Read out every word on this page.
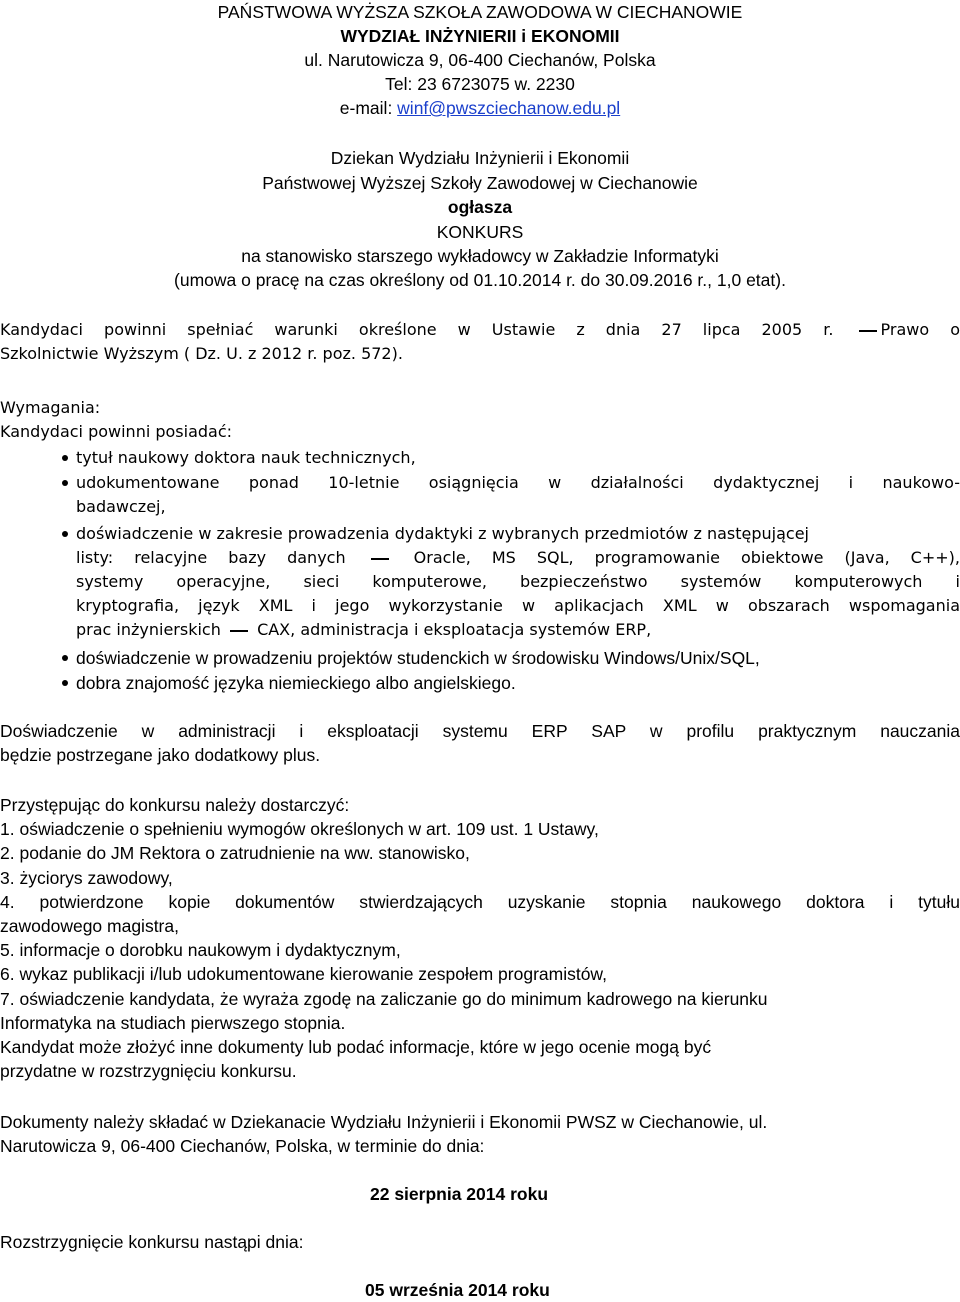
PAŃSTWOWA WYŻSZA SZKOŁA ZAWODOWA W CIECHANOWIE
WYDZIAŁ INŻYNIERII i EKONOMII
ul. Narutowicza 9, 06-400 Ciechanów, Polska
Tel: 23 6723075 w. 2230
e-mail: winf@pwszciechanow.edu.pl
Dziekan Wydziału Inżynierii i Ekonomii
Państwowej Wyższej Szkoły Zawodowej w Ciechanowie
ogłasza
KONKURS
na stanowisko starszego wykładowcy w Zakładzie Informatyki
(umowa o pracę na czas określony od 01.10.2014 r. do 30.09.2016 r., 1,0 etat).
Kandydaci powinni spełniać warunki określone w Ustawie z dnia 27 lipca 2005 r.	Prawo o
Szkolnictwie Wyższym ( Dz. U. z 2012 r. poz. 572).
Wymagania:
Kandydaci powinni posiadać:
tytuł naukowy doktora nauk technicznych,
udokumentowane ponad 10-letnie osiągnięcia w działalności dydaktycznej i naukowo-
badawczej,
doświadczenie w zakresie prowadzenia dydaktyki z wybranych przedmiotów z następującej
listy: relacyjne bazy danych	Oracle, MS SQL, programowanie obiektowe (Java, C++),
systemy operacyjne, sieci komputerowe, bezpieczeństwo systemów komputerowych i
kryptografia, język XML i jego wykorzystanie w aplikacjach XML w obszarach wspomagania
prac inżynierskich CAX, administracja i eksploatacja systemów ERP,
doświadczenie w prowadzeniu projektów studenckich w środowisku Windows/Unix/SQL,
dobra znajomość języka niemieckiego albo angielskiego.
Doświadczenie w administracji i eksploatacji systemu ERP SAP w profilu praktycznym nauczania
będzie postrzegane jako dodatkowy plus.
Przystępując do konkursu należy dostarczyć:
1. oświadczenie o spełnieniu wymogów określonych w art. 109 ust. 1 Ustawy,
2. podanie do JM Rektora o zatrudnienie na ww. stanowisko,
3. życiorys zawodowy,
4. potwierdzone kopie dokumentów stwierdzających uzyskanie stopnia naukowego doktora i tytułu
zawodowego magistra,
5. informacje o dorobku naukowym i dydaktycznym,
6. wykaz publikacji i/lub udokumentowane kierowanie zespołem programistów,
7. oświadczenie kandydata, że wyraża zgodę na zaliczanie go do minimum kadrowego na kierunku
Informatyka na studiach pierwszego stopnia.
Kandydat może złożyć inne dokumenty lub podać informacje, które w jego ocenie mogą być
przydatne w rozstrzygnięciu konkursu.
Dokumenty należy składać w Dziekanacie Wydziału Inżynierii i Ekonomii PWSZ w Ciechanowie, ul.
Narutowicza 9, 06-400 Ciechanów, Polska, w terminie do dnia:
22 sierpnia 2014 roku
Rozstrzygnięcie konkursu nastąpi dnia:
05 września 2014 roku
